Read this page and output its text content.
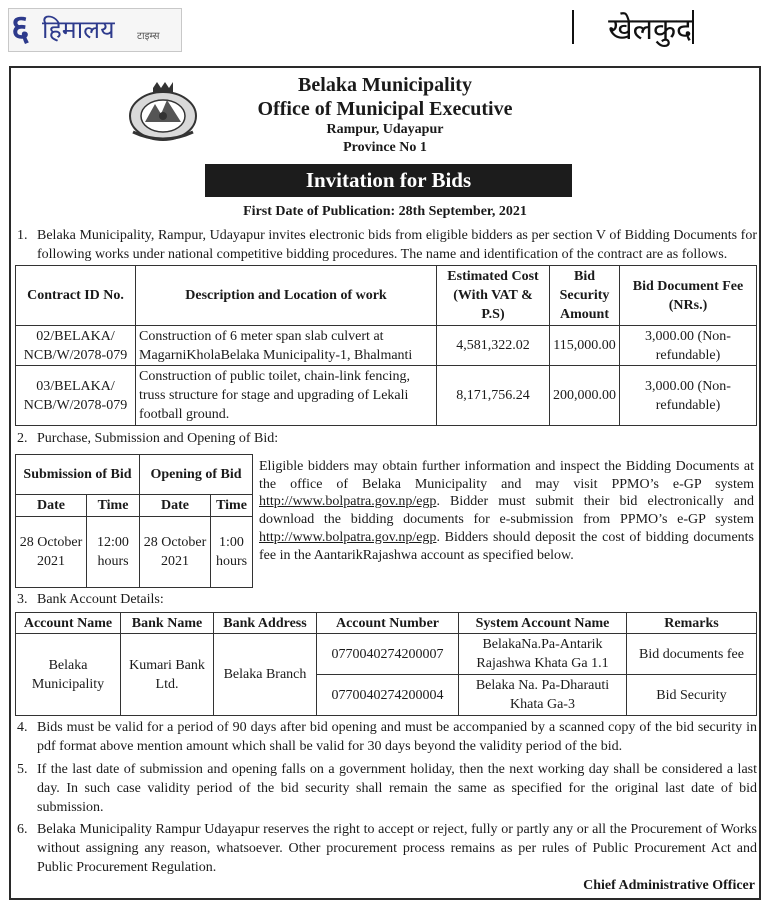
६ हिमालय टाइम्स	खेलकुद
Belaka Municipality
Office of Municipal Executive
Rampur, Udayapur
Province No 1
Invitation for Bids
First Date of Publication: 28th September, 2021
1. Belaka Municipality, Rampur, Udayapur invites electronic bids from eligible bidders as per section V of Bidding Documents for following works under national competitive bidding procedures. The name and identification of the contract are as follows.
Contract ID No.	Description and Location of work	Estimated Cost (With VAT & P.S)	Bid Security Amount	Bid Document Fee (NRs.)
02/BELAKA/ NCB/W/2078-079	Construction of 6 meter span slab culvert at MagarniKholaBelaka Municipality-1, Bhalmanti	4,581,322.02	115,000.00	3,000.00 (Non- refundable)
03/BELAKA/ NCB/W/2078-079	Construction of public toilet, chain-link fencing, truss structure for stage and upgrading of Lekali football ground.	8,171,756.24	200,000.00	3,000.00 (Non- refundable)
2. Purchase, Submission and Opening of Bid:
Submission of Bid		Opening of Bid	
Date	Time	Date	Time
28 October 2021	12:00 hours	28 October 2021	1:00 hours
Eligible bidders may obtain further information and inspect the Bidding Documents at the office of Belaka Municipality and may visit PPMO’s e-GP system http://www.bolpatra.gov.np/egp. Bidder must submit their bid electronically and download the bidding documents for e-submission from PPMO’s e-GP system http://www.bolpatra.gov.np/egp. Bidders should deposit the cost of bidding documents fee in the AantarikRajashwa account as specified below.
3. Bank Account Details:
Account Name	Bank Name	Bank Address	Account Number	System Account Name	Remarks
Belaka Municipality	Kumari Bank Ltd.	Belaka Branch	0770040274200007	BelakaNa.Pa-Antarik Rajashwa Khata Ga 1.1	Bid documents fee
			0770040274200004	Belaka Na. Pa-Dharauti Khata Ga-3	Bid Security
4. Bids must be valid for a period of 90 days after bid opening and must be accompanied by a scanned copy of the bid security in pdf format above mention amount which shall be valid for 30 days beyond the validity period of the bid.
5. If the last date of submission and opening falls on a government holiday, then the next working day shall be considered a last day. In such case validity period of the bid security shall remain the same as specified for the original last date of bid submission.
6. Belaka Municipality Rampur Udayapur reserves the right to accept or reject, fully or partly any or all the Procurement of Works without assigning any reason, whatsoever. Other procurement process remains as per rules of Public Procurement Act and Public Procurement Regulation.
Chief Administrative Officer
